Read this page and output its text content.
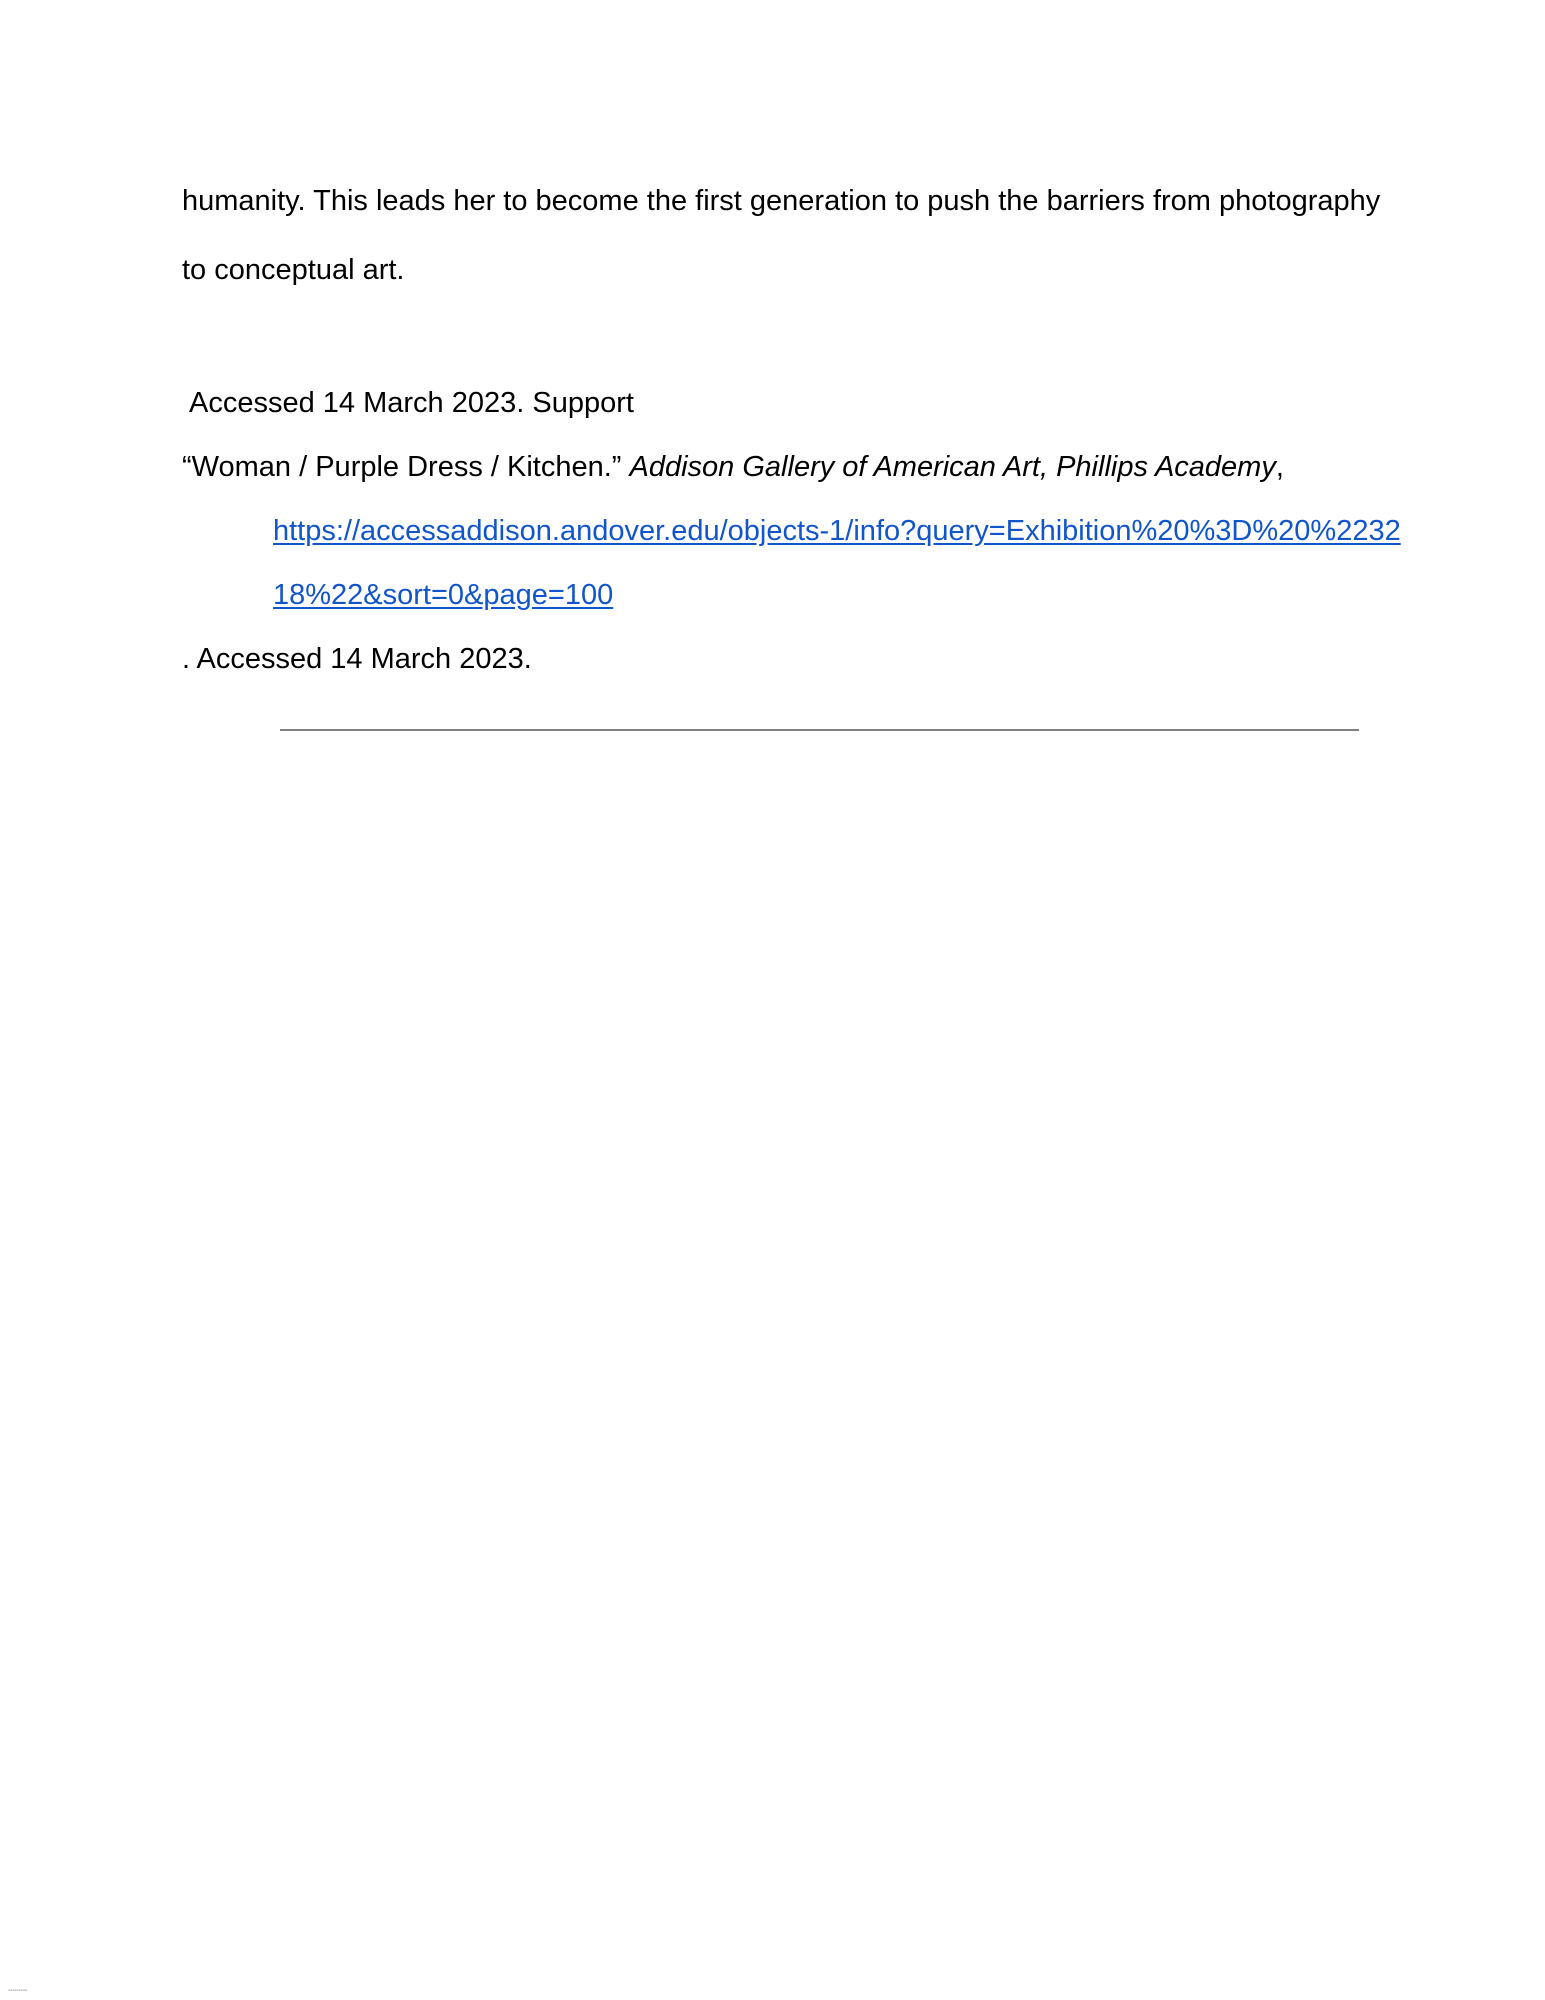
humanity. This leads her to become the first generation to push the barriers from photography
to conceptual art.
Accessed 14 March 2023. Support
“Woman / Purple Dress / Kitchen.” Addison Gallery of American Art, Phillips Academy,
https://accessaddison.andover.edu/objects-1/info?query=Exhibition%20%3D%20%2232
18%22&sort=0&page=100
. Accessed 14 March 2023.
▪▪▪▪▪▪▪▪▪
